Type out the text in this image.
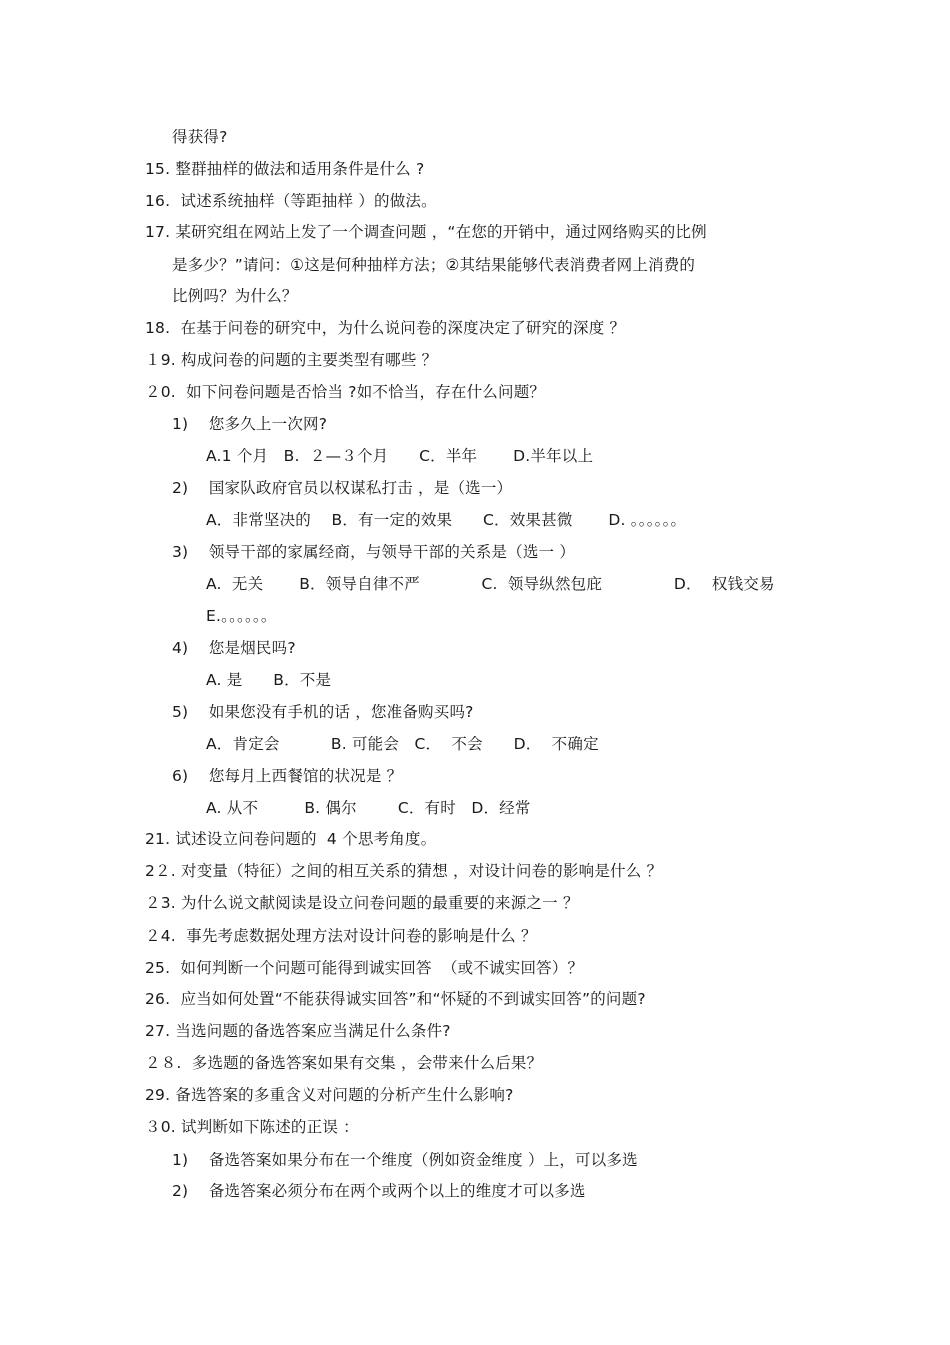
得获得?
15. 整群抽样的做法和适用条件是什么 ?
16.  试述系统抽样（等距抽样 ）的做法。
17. 某研究组在网站上发了一个调查问题 ，“在您的开销中，通过网络购买的比例
是多少？”请问：①这是何种抽样方法；②其结果能够代表消费者网上消费的
比例吗？为什么？
18.  在基于问卷的研究中，为什么说问卷的深度决定了研究的深度 ？
１9. 构成问卷的问题的主要类型有哪些 ？
２0.  如下问卷问题是否恰当 ?如不恰当，存在什么问题？
1)    您多久上一次网?
A.1 个月   B.  ２—３个月      C．半年       D.半年以上
2)    国家队政府官员以权谋私打击 ，是（选一）
A．非常坚决的    B．有一定的效果      C．效果甚微       D. 。。。。。。
3)    领导干部的家属经商，与领导干部的关系是（选一 ）
A.  无关       B．领导自律不严            C.  领导纵然包庇              D．  权钱交易
E.。。。。。。
4)    您是烟民吗?
A. 是      B．不是
5)    如果您没有手机的话 ，您准备购买吗?
A．肯定会          B. 可能会   C．  不会      D．  不确定
6)    您每月上西餐馆的状况是 ？
A. 从不         B. 偶尔        C．有时   D．经常
21. 试述设立问卷问题的  4 个思考角度。
2２. 对变量（特征）之间的相互关系的猜想 ，对设计问卷的影响是什么 ？
２3. 为什么说文献阅读是设立问卷问题的最重要的来源之一 ？
２4.  事先考虑数据处理方法对设计问卷的影响是什么 ？
25.  如何判断一个问题可能得到诚实回答  （或不诚实回答）？
26.  应当如何处置“不能获得诚实回答”和“怀疑的不到诚实回答”的问题?
27. 当选问题的备选答案应当满足什么条件?
２８.  多选题的备选答案如果有交集 ，会带来什么后果？
29. 备选答案的多重含义对问题的分析产生什么影响?
３0. 试判断如下陈述的正误 ：
1)    备选答案如果分布在一个维度（例如资金维度 ）上，可以多选
2)    备选答案必须分布在两个或两个以上的维度才可以多选
